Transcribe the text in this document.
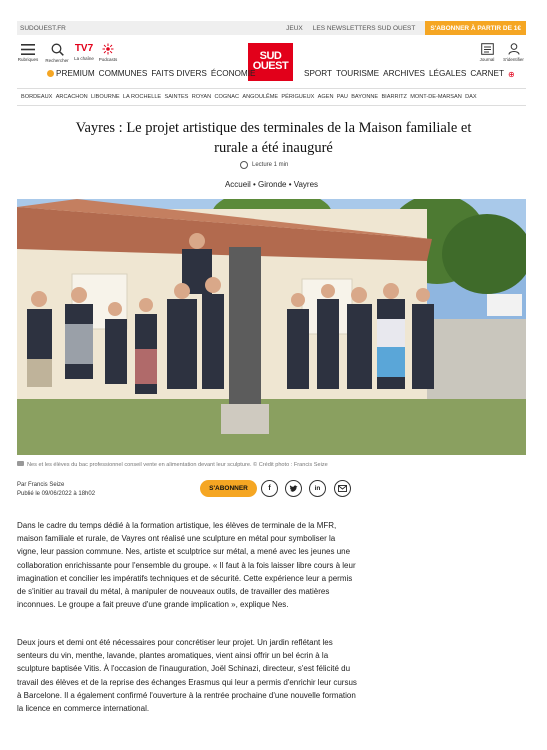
SUDOUEST.FR	JEUX LES NEWSLETTERS SUD OUEST	S'ABONNER À PARTIR DE 1€
Rubriques	Rechercher
TV7
La chaîne	Podcasts	SUD
OUEST
Journal	S'identifier
PREMIUM COMMUNES FAITS DIVERS ÉCONOMIE	SPORT TOURISME ARCHIVES LÉGALES CARNET ⊕
BORDEAUX ARCACHON LIBOURNE LA ROCHELLE SAINTES ROYAN COGNAC ANGOULÊME PÉRIGUEUX AGEN PAU BAYONNE BIARRITZ MONT-DE-MARSAN DAX
Vayres : Le projet artistique des terminales de la Maison familiale et rurale a été inauguré
Lecture 1 min
Accueil • Gironde • Vayres
Nes et les élèves du bac professionnel conseil vente en alimentation devant leur sculpture. © Crédit photo : Francis Seize
Par Francis Seize
Publié le 09/06/2022 à 18h02
S'ABONNER	f	in

Dans le cadre du temps dédié à la formation artistique, les élèves de terminale de la MFR, maison familiale et rurale, de Vayres ont réalisé une sculpture en métal pour symboliser la vigne, leur passion commune. Nes, artiste et sculptrice sur métal, a mené avec les jeunes une collaboration enrichissante pour l'ensemble du groupe. « Il faut à la fois laisser libre cours à leur imagination et concilier les impératifs techniques et de sécurité. Cette expérience leur a permis de s'initier au travail du métal, à manipuler de nouveaux outils, de travailler des matières inconnues. Le groupe a fait preuve d'une grande implication », explique Nes.

Deux jours et demi ont été nécessaires pour concrétiser leur projet. Un jardin reflétant les senteurs du vin, menthe, lavande, plantes aromatiques, vient ainsi offrir un bel écrin à la sculpture baptisée Vitis. À l'occasion de l'inauguration, Joël Schinazi, directeur, s'est félicité du travail des élèves et de la reprise des échanges Erasmus qui leur a permis d'enrichir leur cursus à Barcelone. Il a également confirmé l'ouverture à la rentrée prochaine d'une nouvelle formation la licence en commerce international.
